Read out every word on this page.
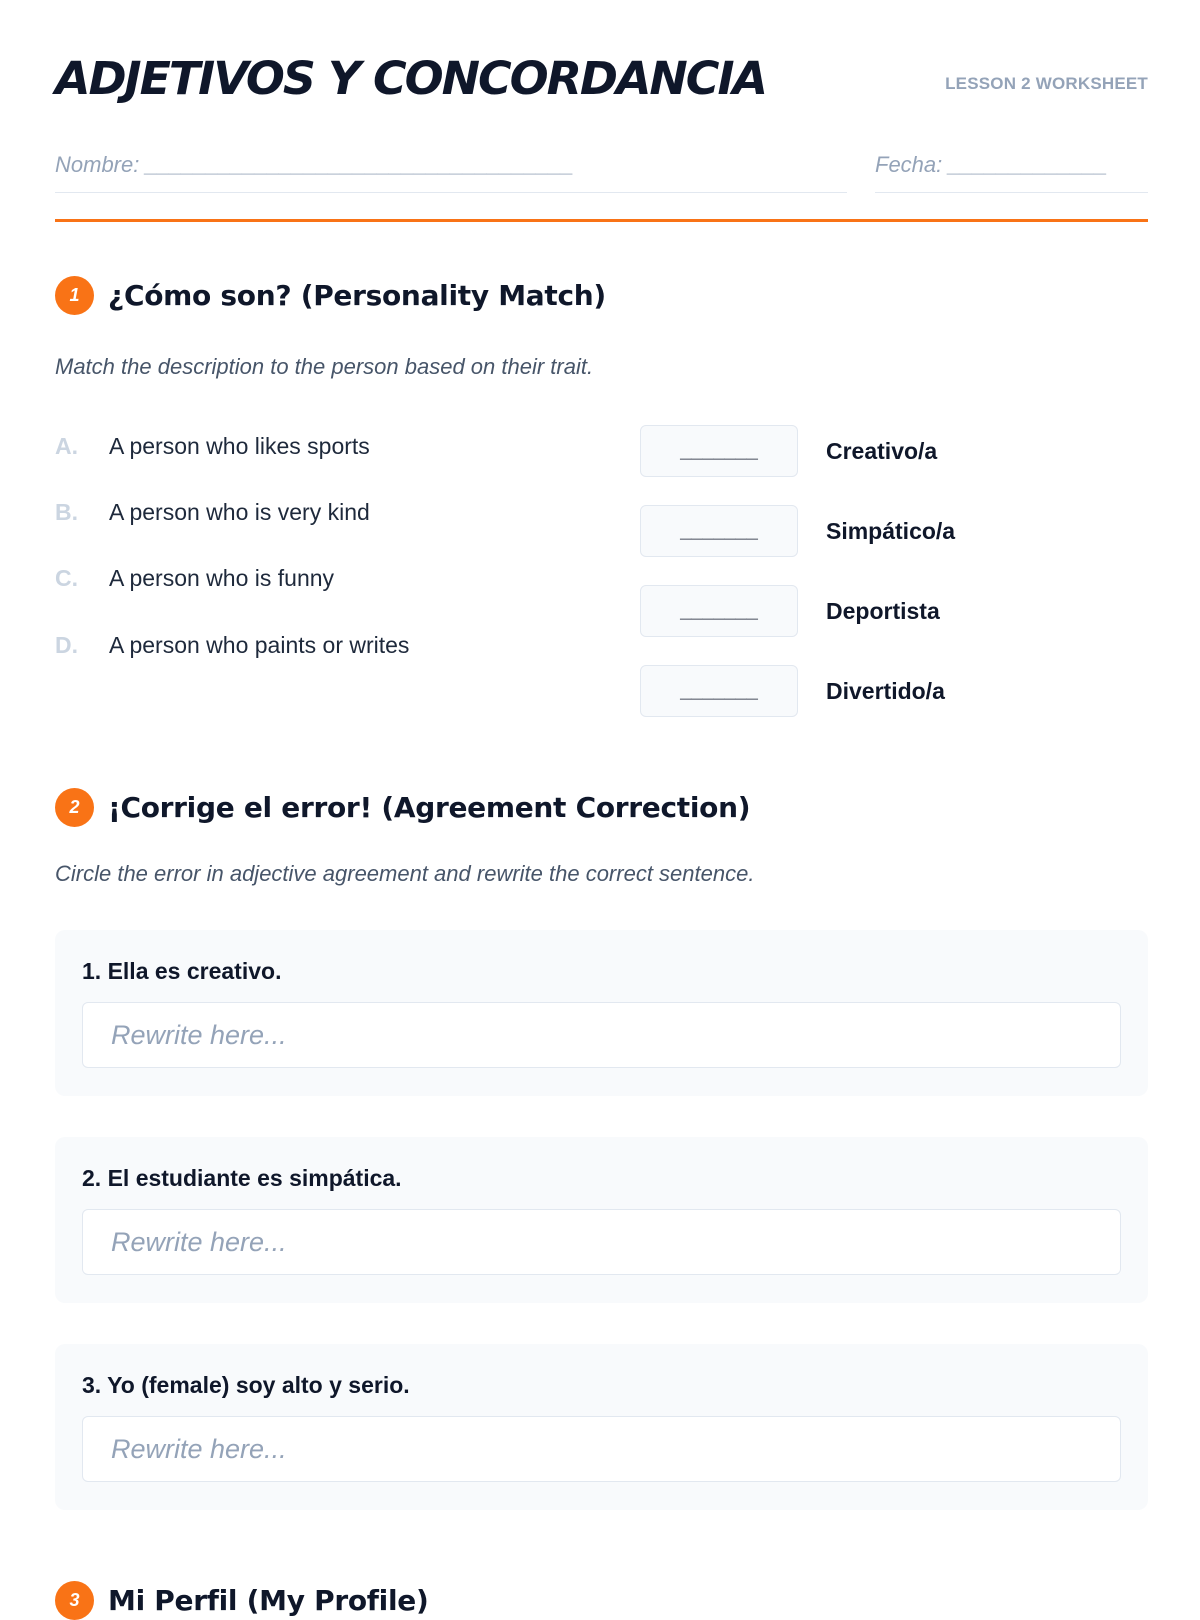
ADJETIVOS Y CONCORDANCIA	LESSON 2 WORKSHEET
Nombre: ___________________________________	Fecha: _____________
1	¿Cómo son? (Personality Match)
Match the description to the person based on their trait.
A.	A person who likes sports
B.	A person who is very kind
C.	A person who is funny
D.	A person who paints or writes
_______	Creativo/a
_______	Simpático/a
_______	Deportista
_______	Divertido/a
2	¡Corrige el error! (Agreement Correction)
Circle the error in adjective agreement and rewrite the correct sentence.
1. Ella es creativo.
Rewrite here...
2. El estudiante es simpática.
Rewrite here...
3. Yo (female) soy alto y serio.
Rewrite here...
3	Mi Perfil (My Profile)
